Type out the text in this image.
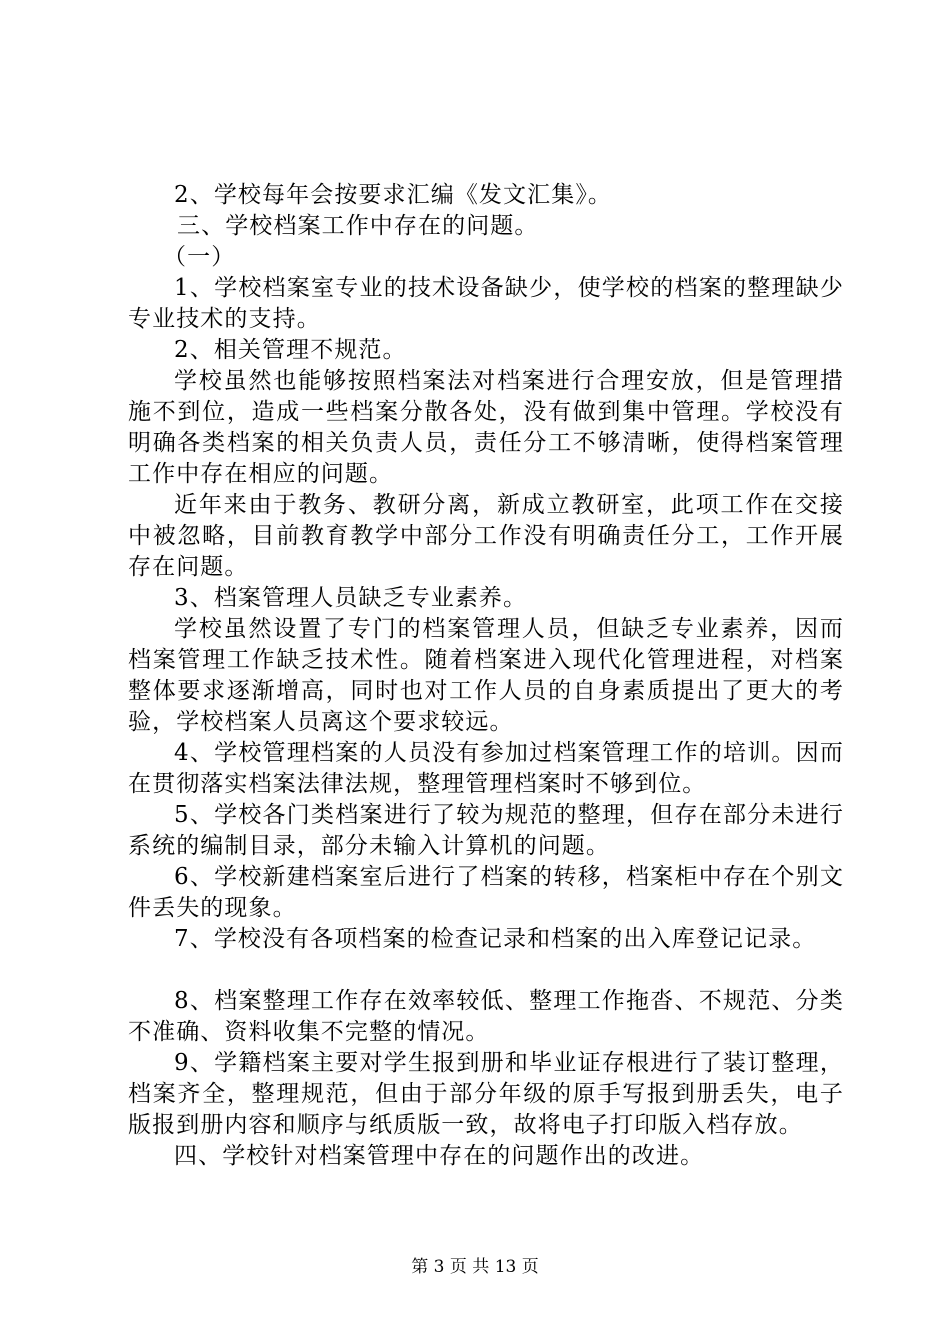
2、学校每年会按要求汇编《发文汇集》。

三、学校档案工作中存在的问题。

（一）

1、学校档案室专业的技术设备缺少，使学校的档案的整理缺少专业技术的支持。

2、相关管理不规范。

学校虽然也能够按照档案法对档案进行合理安放，但是管理措施不到位，造成一些档案分散各处，没有做到集中管理。学校没有明确各类档案的相关负责人员，责任分工不够清晰，使得档案管理工作中存在相应的问题。

近年来由于教务、教研分离，新成立教研室，此项工作在交接中被忽略，目前教育教学中部分工作没有明确责任分工，工作开展存在问题。

3、档案管理人员缺乏专业素养。

学校虽然设置了专门的档案管理人员，但缺乏专业素养，因而档案管理工作缺乏技术性。随着档案进入现代化管理进程，对档案整体要求逐渐增高，同时也对工作人员的自身素质提出了更大的考验，学校档案人员离这个要求较远。

4、学校管理档案的人员没有参加过档案管理工作的培训。因而在贯彻落实档案法律法规，整理管理档案时不够到位。

5、学校各门类档案进行了较为规范的整理，但存在部分未进行系统的编制目录，部分未输入计算机的问题。

6、学校新建档案室后进行了档案的转移，档案柜中存在个别文件丢失的现象。

7、学校没有各项档案的检查记录和档案的出入库登记记录。

8、档案整理工作存在效率较低、整理工作拖沓、不规范、分类不准确、资料收集不完整的情况。

9、学籍档案主要对学生报到册和毕业证存根进行了装订整理，档案齐全，整理规范，但由于部分年级的原手写报到册丢失，电子版报到册内容和顺序与纸质版一致，故将电子打印版入档存放。

四、学校针对档案管理中存在的问题作出的改进。

第 3 页 共 13 页
